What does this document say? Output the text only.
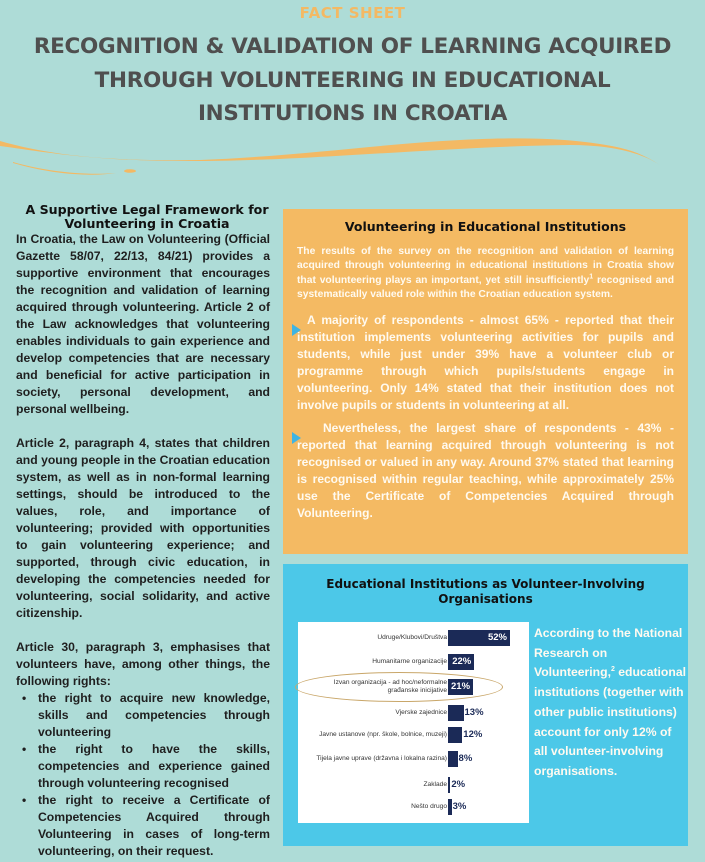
FACT SHEET
RECOGNITION & VALIDATION OF LEARNING ACQUIRED THROUGH VOLUNTEERING IN EDUCATIONAL INSTITUTIONS IN CROATIA
A Supportive Legal Framework for Volunteering in Croatia

In Croatia, the Law on Volunteering (Official Gazette 58/07, 22/13, 84/21) provides a supportive environment that encourages the recognition and validation of learning acquired through volunteering. Article 2 of the Law acknowledges that volunteering enables individuals to gain experience and develop competencies that are necessary and beneficial for active participation in society, personal development, and personal wellbeing.

Article 2, paragraph 4, states that children and young people in the Croatian education system, as well as in non-formal learning settings, should be introduced to the values, role, and importance of volunteering; provided with opportunities to gain volunteering experience; and supported, through civic education, in developing the competencies needed for volunteering, social solidarity, and active citizenship.

Article 30, paragraph 3, emphasises that volunteers have, among other things, the following rights:

• the right to acquire new knowledge, skills and competencies through volunteering
• the right to have the skills, competencies and experience gained through volunteering recognised
• the right to receive a Certificate of Competencies Acquired through Volunteering in cases of long-term volunteering, on their request.
Volunteering in Educational Institutions

The results of the survey on the recognition and validation of learning acquired through volunteering in educational institutions in Croatia show that volunteering plays an important, yet still insufficiently$^1$ recognised and systematically valued role within the Croatian education system.

A majority of respondents - almost 65% - reported that their institution implements volunteering activities for pupils and students, while just under 39% have a volunteer club or programme through which pupils/students engage in volunteering. Only 14% stated that their institution does not involve pupils or students in volunteering at all.

Nevertheless, the largest share of respondents - 43% - reported that learning acquired through volunteering is not recognised or valued in any way. Around 37% stated that learning is recognised within regular teaching, while approximately 25% use the Certificate of Competencies Acquired through Volunteering.

Educational Institutions as Volunteer-Involving Organisations
Udruge/Klubovi/Društva	52%
Humanitarne organizacije 22%
Izvan organizacija - ad hoc/neformalne građanske inicijative 21%
Vjerske zajednice 13%
Javne ustanove (npr. škole, bolnice, muzeji) 12%
Tijela javne uprave (državna i lokalna razina) 8%
Zaklade 2%
Nešto drugo 3%

According to the National Research on Volunteering,$^2$ educational institutions (together with other public institutions) account for only 12% of all volunteer-involving organisations.
